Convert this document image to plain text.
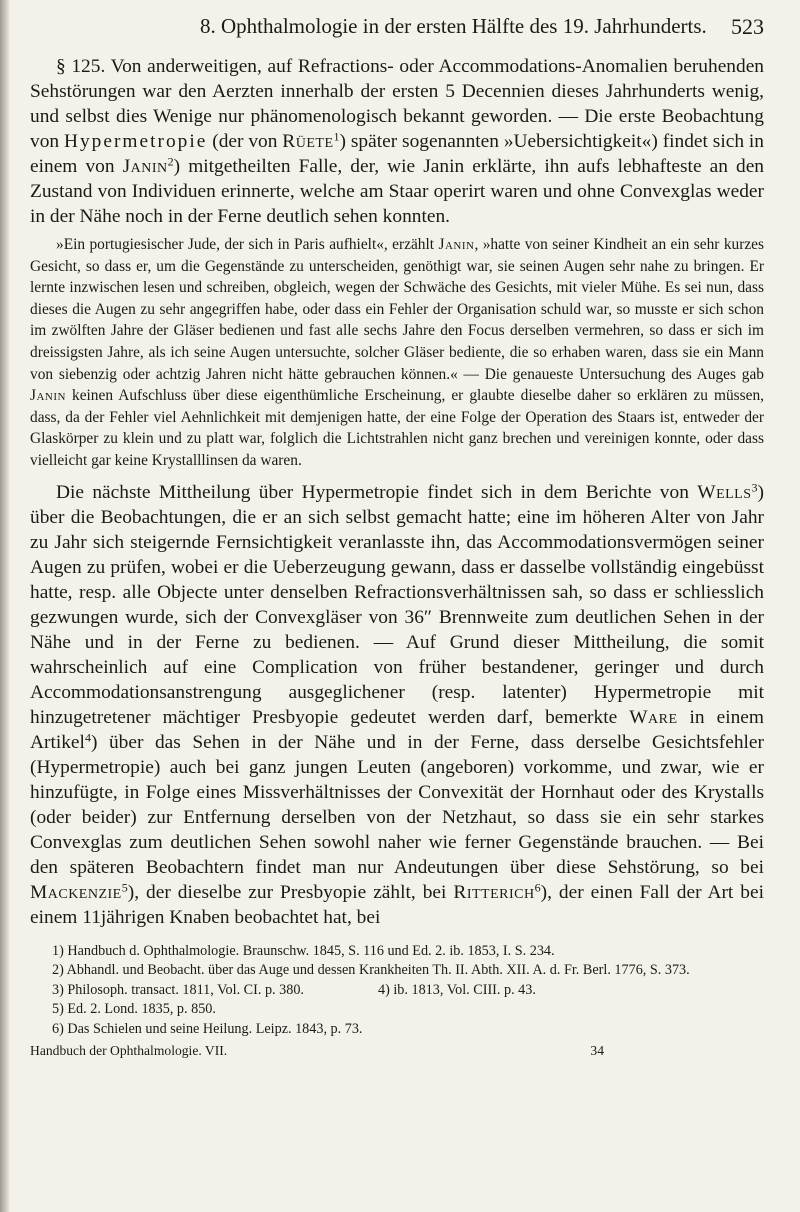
8. Ophthalmologie in der ersten Hälfte des 19. Jahrhunderts. 523

§ 125. Von anderweitigen, auf Refractions- oder Accommodations-Anomalien beruhenden Sehstörungen war den Aerzten innerhalb der ersten 5 Decennien dieses Jahrhunderts wenig, und selbst dies Wenige nur phänomenologisch bekannt geworden. — Die erste Beobachtung von Hypermetropie (der von Rüete$^1$) später sogenannten »Uebersichtigkeit«) findet sich in einem von Janin$^2$) mitgetheilten Falle, der, wie Janin erklärte, ihn aufs lebhafteste an den Zustand von Individuen erinnerte, welche am Staar operirt waren und ohne Convexglas weder in der Nähe noch in der Ferne deutlich sehen konnten.

»Ein portugiesischer Jude, der sich in Paris aufhielt«, erzählt Janin, »hatte von seiner Kindheit an ein sehr kurzes Gesicht, so dass er, um die Gegenstände zu unterscheiden, genöthigt war, sie seinen Augen sehr nahe zu bringen. Er lernte inzwischen lesen und schreiben, obgleich, wegen der Schwäche des Gesichts, mit vieler Mühe. Es sei nun, dass dieses die Augen zu sehr angegriffen habe, oder dass ein Fehler der Organisation schuld war, so musste er sich schon im zwölften Jahre der Gläser bedienen und fast alle sechs Jahre den Focus derselben vermehren, so dass er sich im dreissigsten Jahre, als ich seine Augen untersuchte, solcher Gläser bediente, die so erhaben waren, dass sie ein Mann von siebenzig oder achtzig Jahren nicht hätte gebrauchen können.« — Die genaueste Untersuchung des Auges gab Janin keinen Aufschluss über diese eigenthümliche Erscheinung, er glaubte dieselbe daher so erklären zu müssen, dass, da der Fehler viel Aehnlichkeit mit demjenigen hatte, der eine Folge der Operation des Staars ist, entweder der Glaskörper zu klein und zu platt war, folglich die Lichtstrahlen nicht ganz brechen und vereinigen konnte, oder dass vielleicht gar keine Krystalllinsen da waren.

Die nächste Mittheilung über Hypermetropie findet sich in dem Berichte von Wells$^3$) über die Beobachtungen, die er an sich selbst gemacht hatte; eine im höheren Alter von Jahr zu Jahr sich steigernde Fernsichtigkeit veranlasste ihn, das Accommodationsvermögen seiner Augen zu prüfen, wobei er die Ueberzeugung gewann, dass er dasselbe vollständig eingebüsst hatte, resp. alle Objecte unter denselben Refractionsverhältnissen sah, so dass er schliesslich gezwungen wurde, sich der Convexgläser von 36″ Brennweite zum deutlichen Sehen in der Nähe und in der Ferne zu bedienen. — Auf Grund dieser Mittheilung, die somit wahrscheinlich auf eine Complication von früher bestandener, geringer und durch Accommodationsanstrengung ausgeglichener (resp. latenter) Hypermetropie mit hinzugetretener mächtiger Presbyopie gedeutet werden darf, bemerkte Ware in einem Artikel$^4$) über das Sehen in der Nähe und in der Ferne, dass derselbe Gesichtsfehler (Hypermetropie) auch bei ganz jungen Leuten (angeboren) vorkomme, und zwar, wie er hinzufügte, in Folge eines Missverhältnisses der Convexität der Hornhaut oder des Krystalls (oder beider) zur Entfernung derselben von der Netzhaut, so dass sie ein sehr starkes Convexglas zum deutlichen Sehen sowohl naher wie ferner Gegenstände brauchen. — Bei den späteren Beobachtern findet man nur Andeutungen über diese Sehstörung, so bei Mackenzie$^5$), der dieselbe zur Presbyopie zählt, bei Ritterich$^6$), der einen Fall der Art bei einem 11jährigen Knaben beobachtet hat, bei

1) Handbuch d. Ophthalmologie. Braunschw. 1845, S. 116 und Ed. 2. ib. 1853, I. S. 234.

2) Abhandl. und Beobacht. über das Auge und dessen Krankheiten Th. II. Abth. XII. A. d. Fr. Berl. 1776, S. 373.

3) Philosoph. transact. 1811, Vol. CI. p. 380.	4) ib. 1813, Vol. CIII. p. 43.

5) Ed. 2. Lond. 1835, p. 850.

6) Das Schielen und seine Heilung. Leipz. 1843, p. 73.

Handbuch der Ophthalmologie. VII.	34
